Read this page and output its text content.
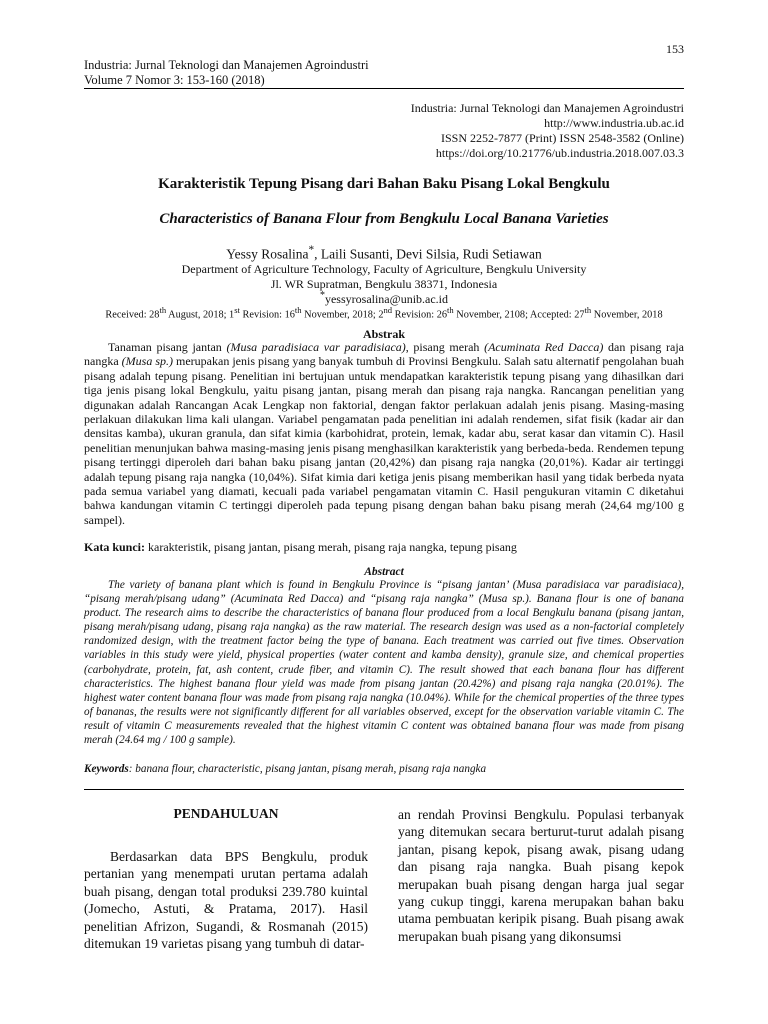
153
Industria: Jurnal Teknologi dan Manajemen Agroindustri
Volume 7 Nomor 3: 153-160 (2018)
Industria: Jurnal Teknologi dan Manajemen Agroindustri
http://www.industria.ub.ac.id
ISSN 2252-7877 (Print) ISSN 2548-3582 (Online)
https://doi.org/10.21776/ub.industria.2018.007.03.3
Karakteristik Tepung Pisang dari Bahan Baku Pisang Lokal Bengkulu
Characteristics of Banana Flour from Bengkulu Local Banana Varieties
Yessy Rosalina*, Laili Susanti, Devi Silsia, Rudi Setiawan
Department of Agriculture Technology, Faculty of Agriculture, Bengkulu University
Jl. WR Supratman, Bengkulu 38371, Indonesia
*yessyrosalina@unib.ac.id
Received: 28th August, 2018; 1st Revision: 16th November, 2018; 2nd Revision: 26th November, 2108; Accepted: 27th November, 2018
Abstrak
Tanaman pisang jantan (Musa paradisiaca var paradisiaca), pisang merah (Acuminata Red Dacca) dan pisang raja nangka (Musa sp.) merupakan jenis pisang yang banyak tumbuh di Provinsi Bengkulu. Salah satu alternatif pengolahan buah pisang adalah tepung pisang. Penelitian ini bertujuan untuk mendapatkan karakteristik tepung pisang yang dihasilkan dari tiga jenis pisang lokal Bengkulu, yaitu pisang jantan, pisang merah dan pisang raja nangka. Rancangan penelitian yang digunakan adalah Rancangan Acak Lengkap non faktorial, dengan faktor perlakuan adalah jenis pisang. Masing-masing perlakuan dilakukan lima kali ulangan. Variabel pengamatan pada penelitian ini adalah rendemen, sifat fisik (kadar air dan densitas kamba), ukuran granula, dan sifat kimia (karbohidrat, protein, lemak, kadar abu, serat kasar dan vitamin C). Hasil penelitian menunjukan bahwa masing-masing jenis pisang menghasilkan karakteristik yang berbeda-beda. Rendemen tepung pisang tertinggi diperoleh dari bahan baku pisang jantan (20,42%) dan pisang raja nangka (20,01%). Kadar air tertinggi adalah tepung pisang raja nangka (10,04%). Sifat kimia dari ketiga jenis pisang memberikan hasil yang tidak berbeda nyata pada semua variabel yang diamati, kecuali pada variabel pengamatan vitamin C. Hasil pengukuran vitamin C diketahui bahwa kandungan vitamin C tertinggi diperoleh pada tepung pisang dengan bahan baku pisang merah (24,64 mg/100 g sampel).
Kata kunci: karakteristik, pisang jantan, pisang merah, pisang raja nangka, tepung pisang
Abstract
The variety of banana plant which is found in Bengkulu Province is “pisang jantan’ (Musa paradisiaca var paradisiaca), “pisang merah/pisang udang” (Acuminata Red Dacca) and “pisang raja nangka” (Musa sp.). Banana flour is one of banana product. The research aims to describe the characteristics of banana flour produced from a local Bengkulu banana (pisang jantan, pisang merah/pisang udang, pisang raja nangka) as the raw material. The research design was used as a non-factorial completely randomized design, with the treatment factor being the type of banana. Each treatment was carried out five times. Observation variables in this study were yield, physical properties (water content and kamba density), granule size, and chemical properties (carbohydrate, protein, fat, ash content, crude fiber, and vitamin C). The result showed that each banana flour has different characteristics. The highest banana flour yield was made from pisang jantan (20.42%) and pisang raja nangka (20.01%). The highest water content banana flour was made from pisang raja nangka (10.04%). While for the chemical properties of the three types of bananas, the results were not significantly different for all variables observed, except for the observation variable vitamin C. The result of vitamin C measurements revealed that the highest vitamin C content was obtained banana flour was made from pisang merah (24.64 mg / 100 g sample).
Keywords: banana flour, characteristic, pisang jantan, pisang merah, pisang raja nangka
PENDAHULUAN

Berdasarkan data BPS Bengkulu, produk pertanian yang menempati urutan pertama adalah buah pisang, dengan total produksi 239.780 kuintal (Jomecho, Astuti, & Pratama, 2017). Hasil penelitian Afrizon, Sugandi, & Rosmanah (2015) ditemukan 19 varietas pisang yang tumbuh di datar-

an rendah Provinsi Bengkulu. Populasi terbanyak yang ditemukan secara berturut-turut adalah pisang jantan, pisang kepok, pisang awak, pisang udang dan pisang raja nangka. Buah pisang kepok merupakan buah pisang dengan harga jual segar yang cukup tinggi, karena merupakan bahan baku utama pembuatan keripik pisang. Buah pisang awak merupakan buah pisang yang dikonsumsi
